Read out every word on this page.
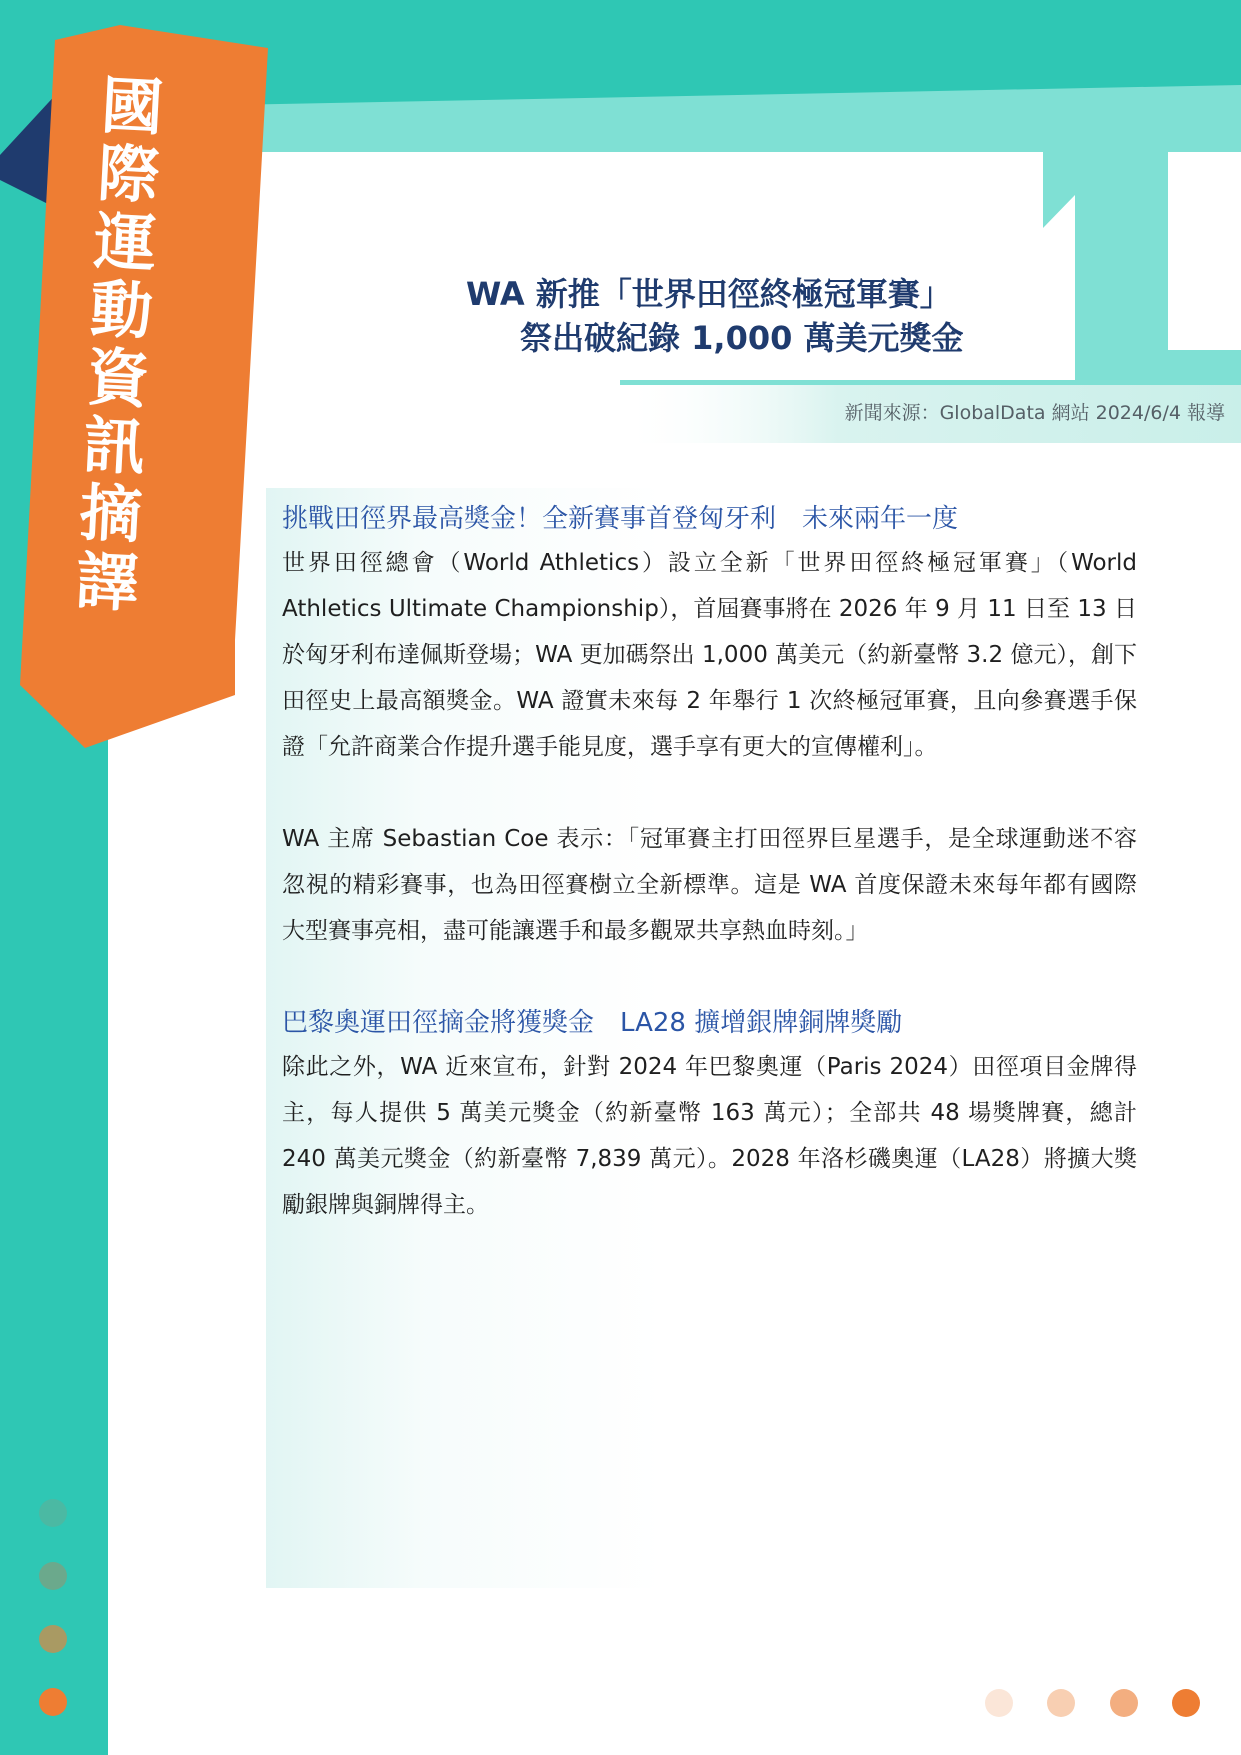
國
際
運
動
資
訊
摘
譯
WA 新推「世界田徑終極冠軍賽」
祭出破紀錄 1,000 萬美元獎金
新聞來源：GlobalData 網站 2024/6/4 報導
挑戰田徑界最高獎金！全新賽事首登匈牙利　未來兩年一度

世界田徑總會（World Athletics）設立全新「世界田徑終極冠軍賽」（World Athletics Ultimate Championship），首屆賽事將在 2026 年 9 月 11 日至 13 日於匈牙利布達佩斯登場；WA 更加碼祭出 1,000 萬美元（約新臺幣 3.2 億元），創下田徑史上最高額獎金。WA 證實未來每 2 年舉行 1 次終極冠軍賽，且向參賽選手保證「允許商業合作提升選手能見度，選手享有更大的宣傳權利」。

WA 主席 Sebastian Coe 表示：「冠軍賽主打田徑界巨星選手，是全球運動迷不容忽視的精彩賽事，也為田徑賽樹立全新標準。這是 WA 首度保證未來每年都有國際大型賽事亮相，盡可能讓選手和最多觀眾共享熱血時刻。」

巴黎奧運田徑摘金將獲獎金　LA28 擴增銀牌銅牌獎勵

除此之外，WA 近來宣布，針對 2024 年巴黎奧運（Paris 2024）田徑項目金牌得主，每人提供 5 萬美元獎金（約新臺幣 163 萬元）；全部共 48 場獎牌賽，總計 240 萬美元獎金（約新臺幣 7,839 萬元）。2028 年洛杉磯奧運（LA28）將擴大獎勵銀牌與銅牌得主。
